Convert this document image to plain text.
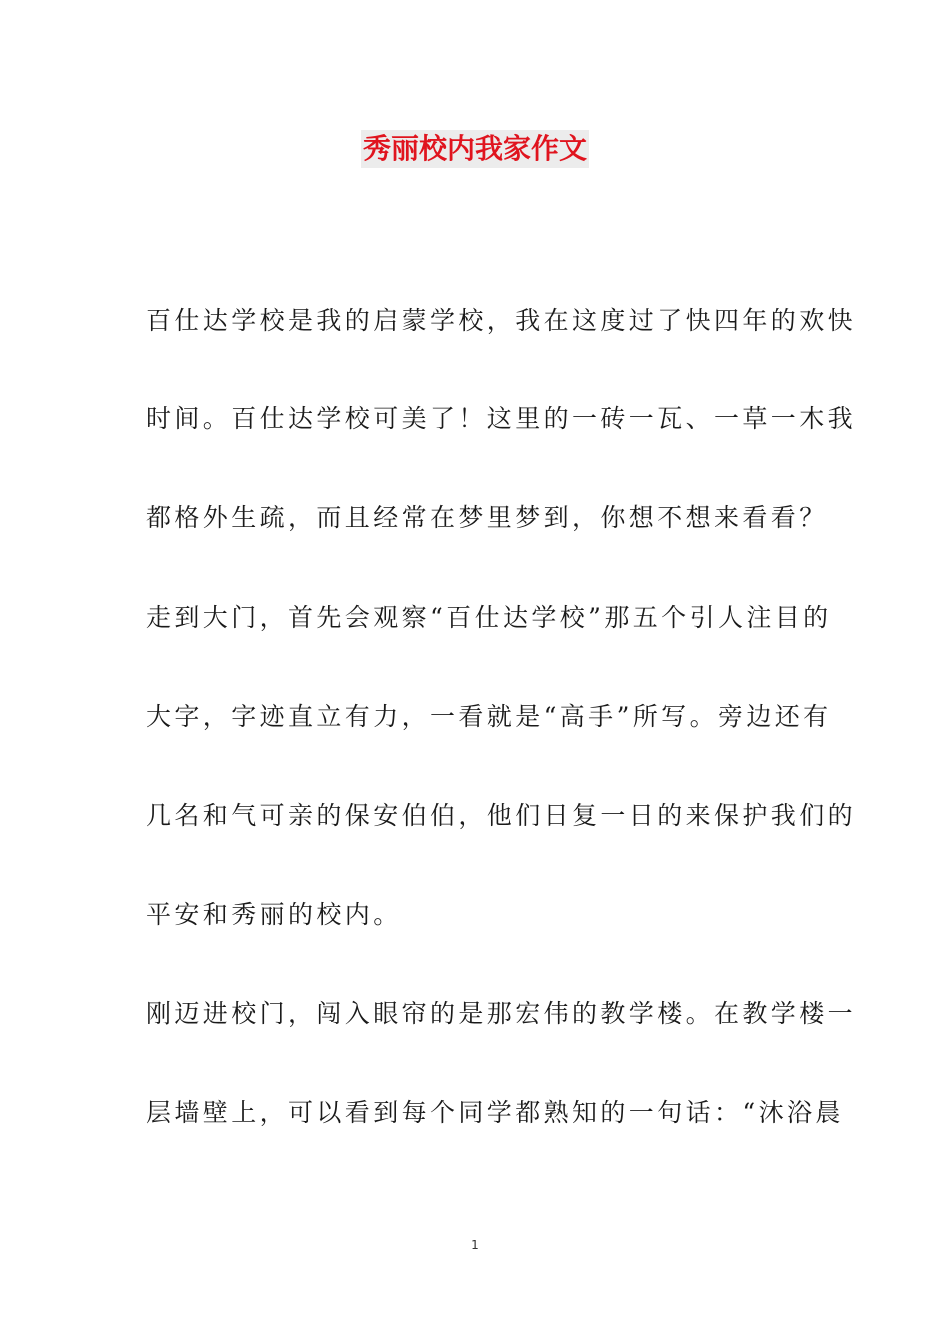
秀丽校内我家作文
百仕达学校是我的启蒙学校，我在这度过了快四年的欢快
时间。百仕达学校可美了！这里的一砖一瓦、一草一木我
都格外生疏，而且经常在梦里梦到，你想不想来看看？
走到大门，首先会观察“百仕达学校”那五个引人注目的
大字，字迹直立有力，一看就是“高手”所写。旁边还有
几名和气可亲的保安伯伯，他们日复一日的来保护我们的
平安和秀丽的校内。
刚迈进校门，闯入眼帘的是那宏伟的教学楼。在教学楼一
层墙壁上，可以看到每个同学都熟知的一句话：“沐浴晨
1
